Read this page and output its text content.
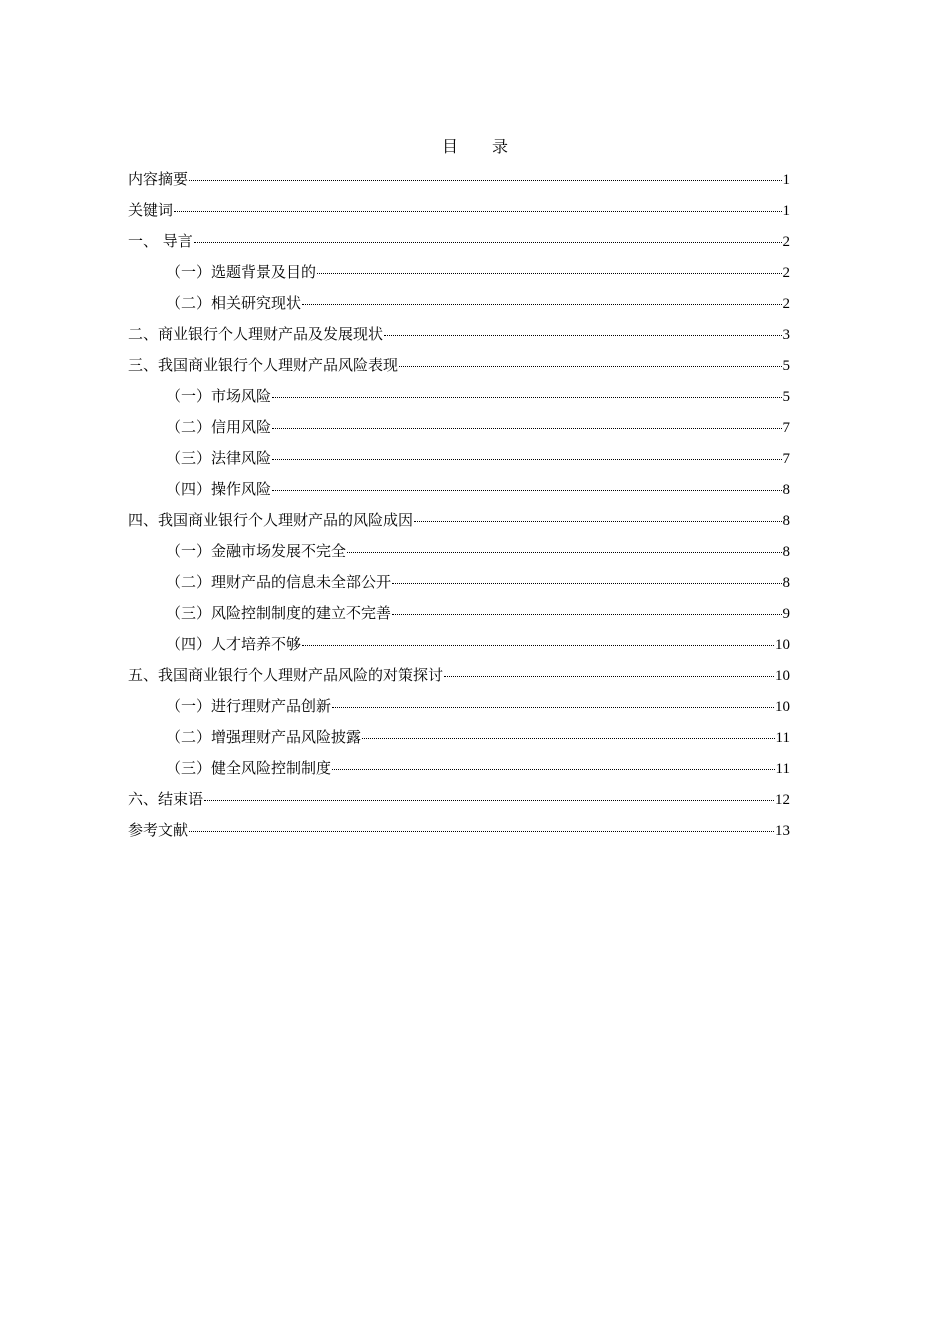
目 录
内容摘要	1
关键词	1
一、 导言	2
（一）选题背景及目的	2
（二）相关研究现状	2
二、商业银行个人理财产品及发展现状	3
三、我国商业银行个人理财产品风险表现	5
（一）市场风险	5
（二）信用风险	7
（三）法律风险	7
（四）操作风险	8
四、我国商业银行个人理财产品的风险成因	8
（一）金融市场发展不完全	8
（二）理财产品的信息未全部公开	8
（三）风险控制制度的建立不完善	9
（四）人才培养不够	10
五、我国商业银行个人理财产品风险的对策探讨	10
（一）进行理财产品创新	10
（二）增强理财产品风险披露	11
（三）健全风险控制制度	11
六、结束语	12
参考文献	13
